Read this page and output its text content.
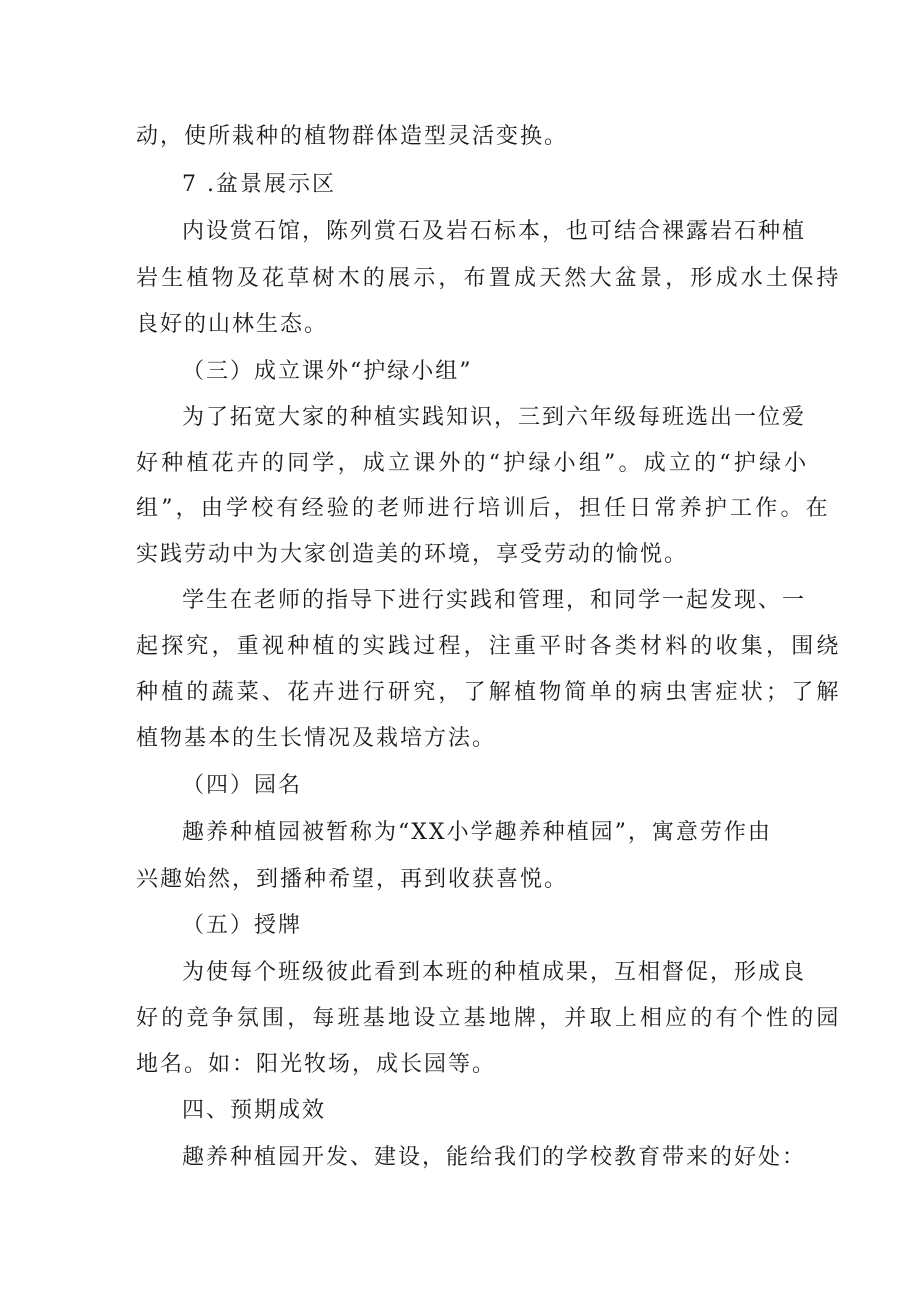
动，使所栽种的植物群体造型灵活变换。
7 .盆景展示区
内设赏石馆，陈列赏石及岩石标本，也可结合裸露岩石种植
岩生植物及花草树木的展示，布置成天然大盆景，形成水土保持
良好的山林生态。
（三）成立课外“护绿小组”
为了拓宽大家的种植实践知识，三到六年级每班选出一位爱
好种植花卉的同学，成立课外的“护绿小组”。成立的“护绿小
组”，由学校有经验的老师进行培训后，担任日常养护工作。在
实践劳动中为大家创造美的环境，享受劳动的愉悦。
学生在老师的指导下进行实践和管理，和同学一起发现、一
起探究，重视种植的实践过程，注重平时各类材料的收集，围绕
种植的蔬菜、花卉进行研究，了解植物简单的病虫害症状；了解
植物基本的生长情况及栽培方法。
（四）园名
趣养种植园被暂称为“XX小学趣养种植园”，寓意劳作由
兴趣始然，到播种希望，再到收获喜悦。
（五）授牌
为使每个班级彼此看到本班的种植成果，互相督促，形成良
好的竞争氛围，每班基地设立基地牌，并取上相应的有个性的园
地名。如：阳光牧场，成长园等。
四、预期成效
趣养种植园开发、建设，能给我们的学校教育带来的好处：
